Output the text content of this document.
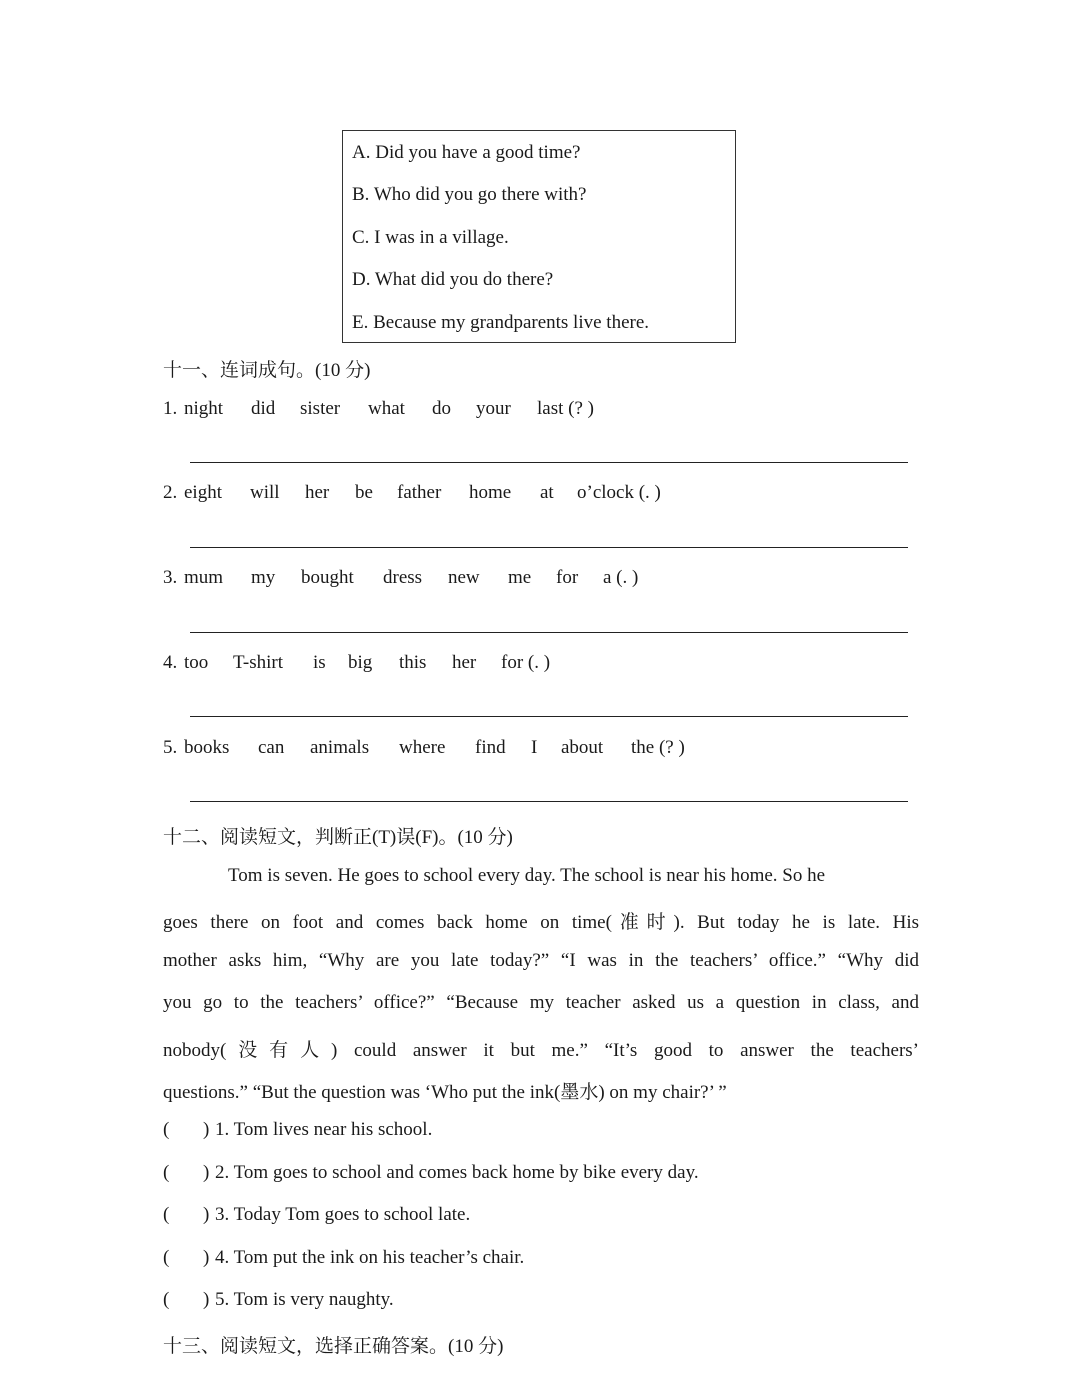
A. Did you have a good time?
B. Who did you go there with?
C. I was in a village.
D. What did you do there?
E. Because my grandparents live there.
十一、连词成句。(10 分)
1. night did sister what do your last (? )
2. eight will her be father home at o’clock (. )
3. mum my bought dress new me for a (. )
4. too T-shirt is big this her for (. )
5. books can animals where find I about the (? )
十二、阅读短文，判断正(T)误(F)。(10 分)
Tom is seven. He goes to school every day. The school is near his home. So he
goes there on foot and comes back home on time(准时). But today he is late. His
mother asks him, “Why are you late today?” “I was in the teachers’ office.” “Why did
you go to the teachers’ office?” “Because my teacher asked us a question in class, and
nobody(没有人) could answer it but me.” “It’s good to answer the teachers’
questions.” “But the question was ‘Who put the ink(墨水) on my chair?’ ”
( ) 1. Tom lives near his school.
( ) 2. Tom goes to school and comes back home by bike every day.
( ) 3. Today Tom goes to school late.
( ) 4. Tom put the ink on his teacher’s chair.
( ) 5. Tom is very naughty.
十三、阅读短文，选择正确答案。(10 分)
